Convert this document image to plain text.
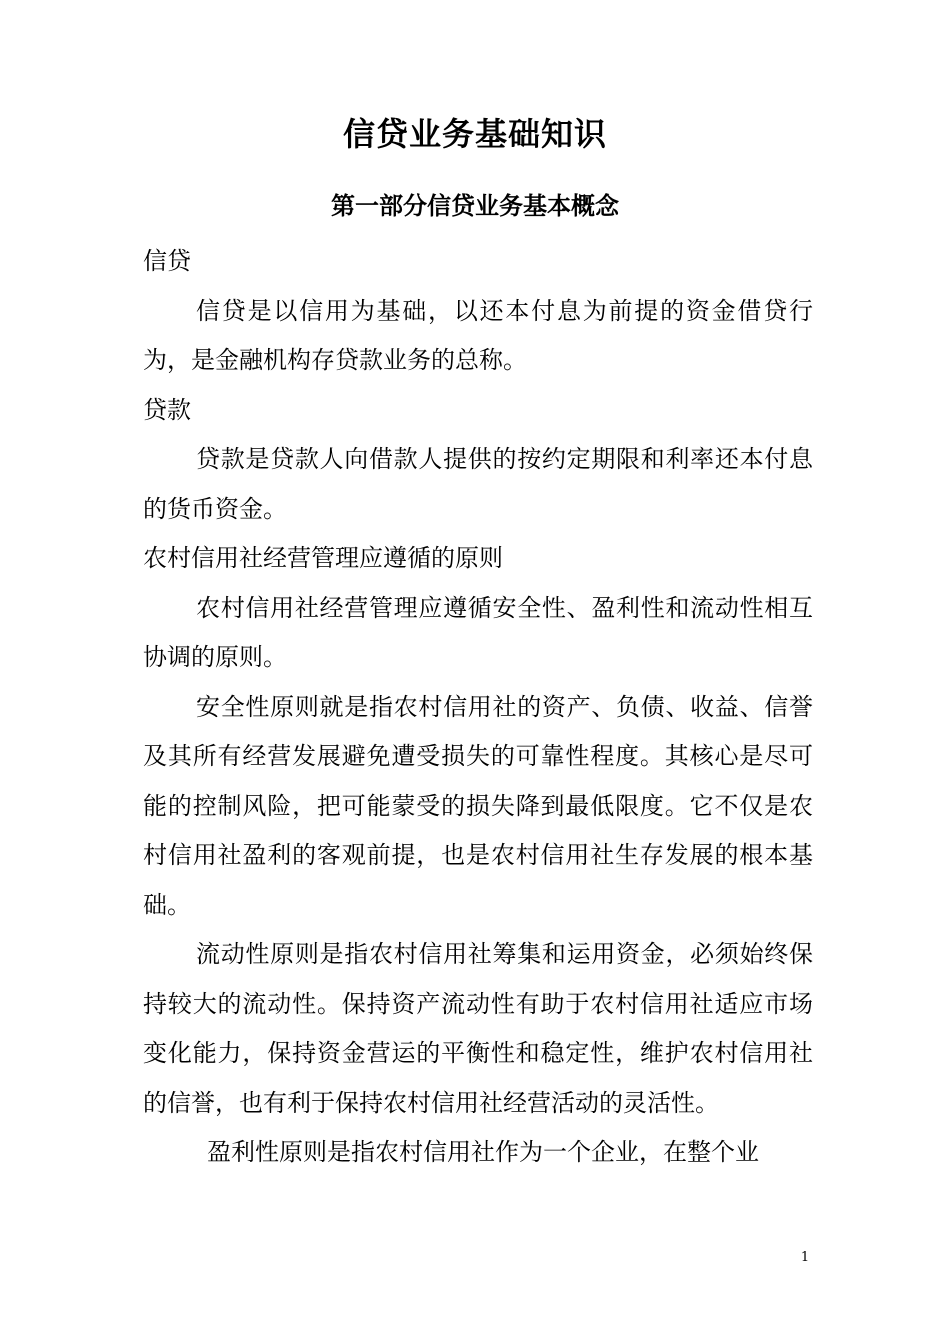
信贷业务基础知识
第一部分信贷业务基本概念

信贷

信贷是以信用为基础，以还本付息为前提的资金借贷行为，是金融机构存贷款业务的总称。

贷款

贷款是贷款人向借款人提供的按约定期限和利率还本付息的货币资金。

农村信用社经营管理应遵循的原则

农村信用社经营管理应遵循安全性、盈利性和流动性相互协调的原则。

安全性原则就是指农村信用社的资产、负债、收益、信誉及其所有经营发展避免遭受损失的可靠性程度。其核心是尽可能的控制风险，把可能蒙受的损失降到最低限度。它不仅是农村信用社盈利的客观前提，也是农村信用社生存发展的根本基础。

流动性原则是指农村信用社筹集和运用资金，必须始终保持较大的流动性。保持资产流动性有助于农村信用社适应市场变化能力，保持资金营运的平衡性和稳定性，维护农村信用社的信誉，也有利于保持农村信用社经营活动的灵活性。

盈利性原则是指农村信用社作为一个企业，在整个业

1
